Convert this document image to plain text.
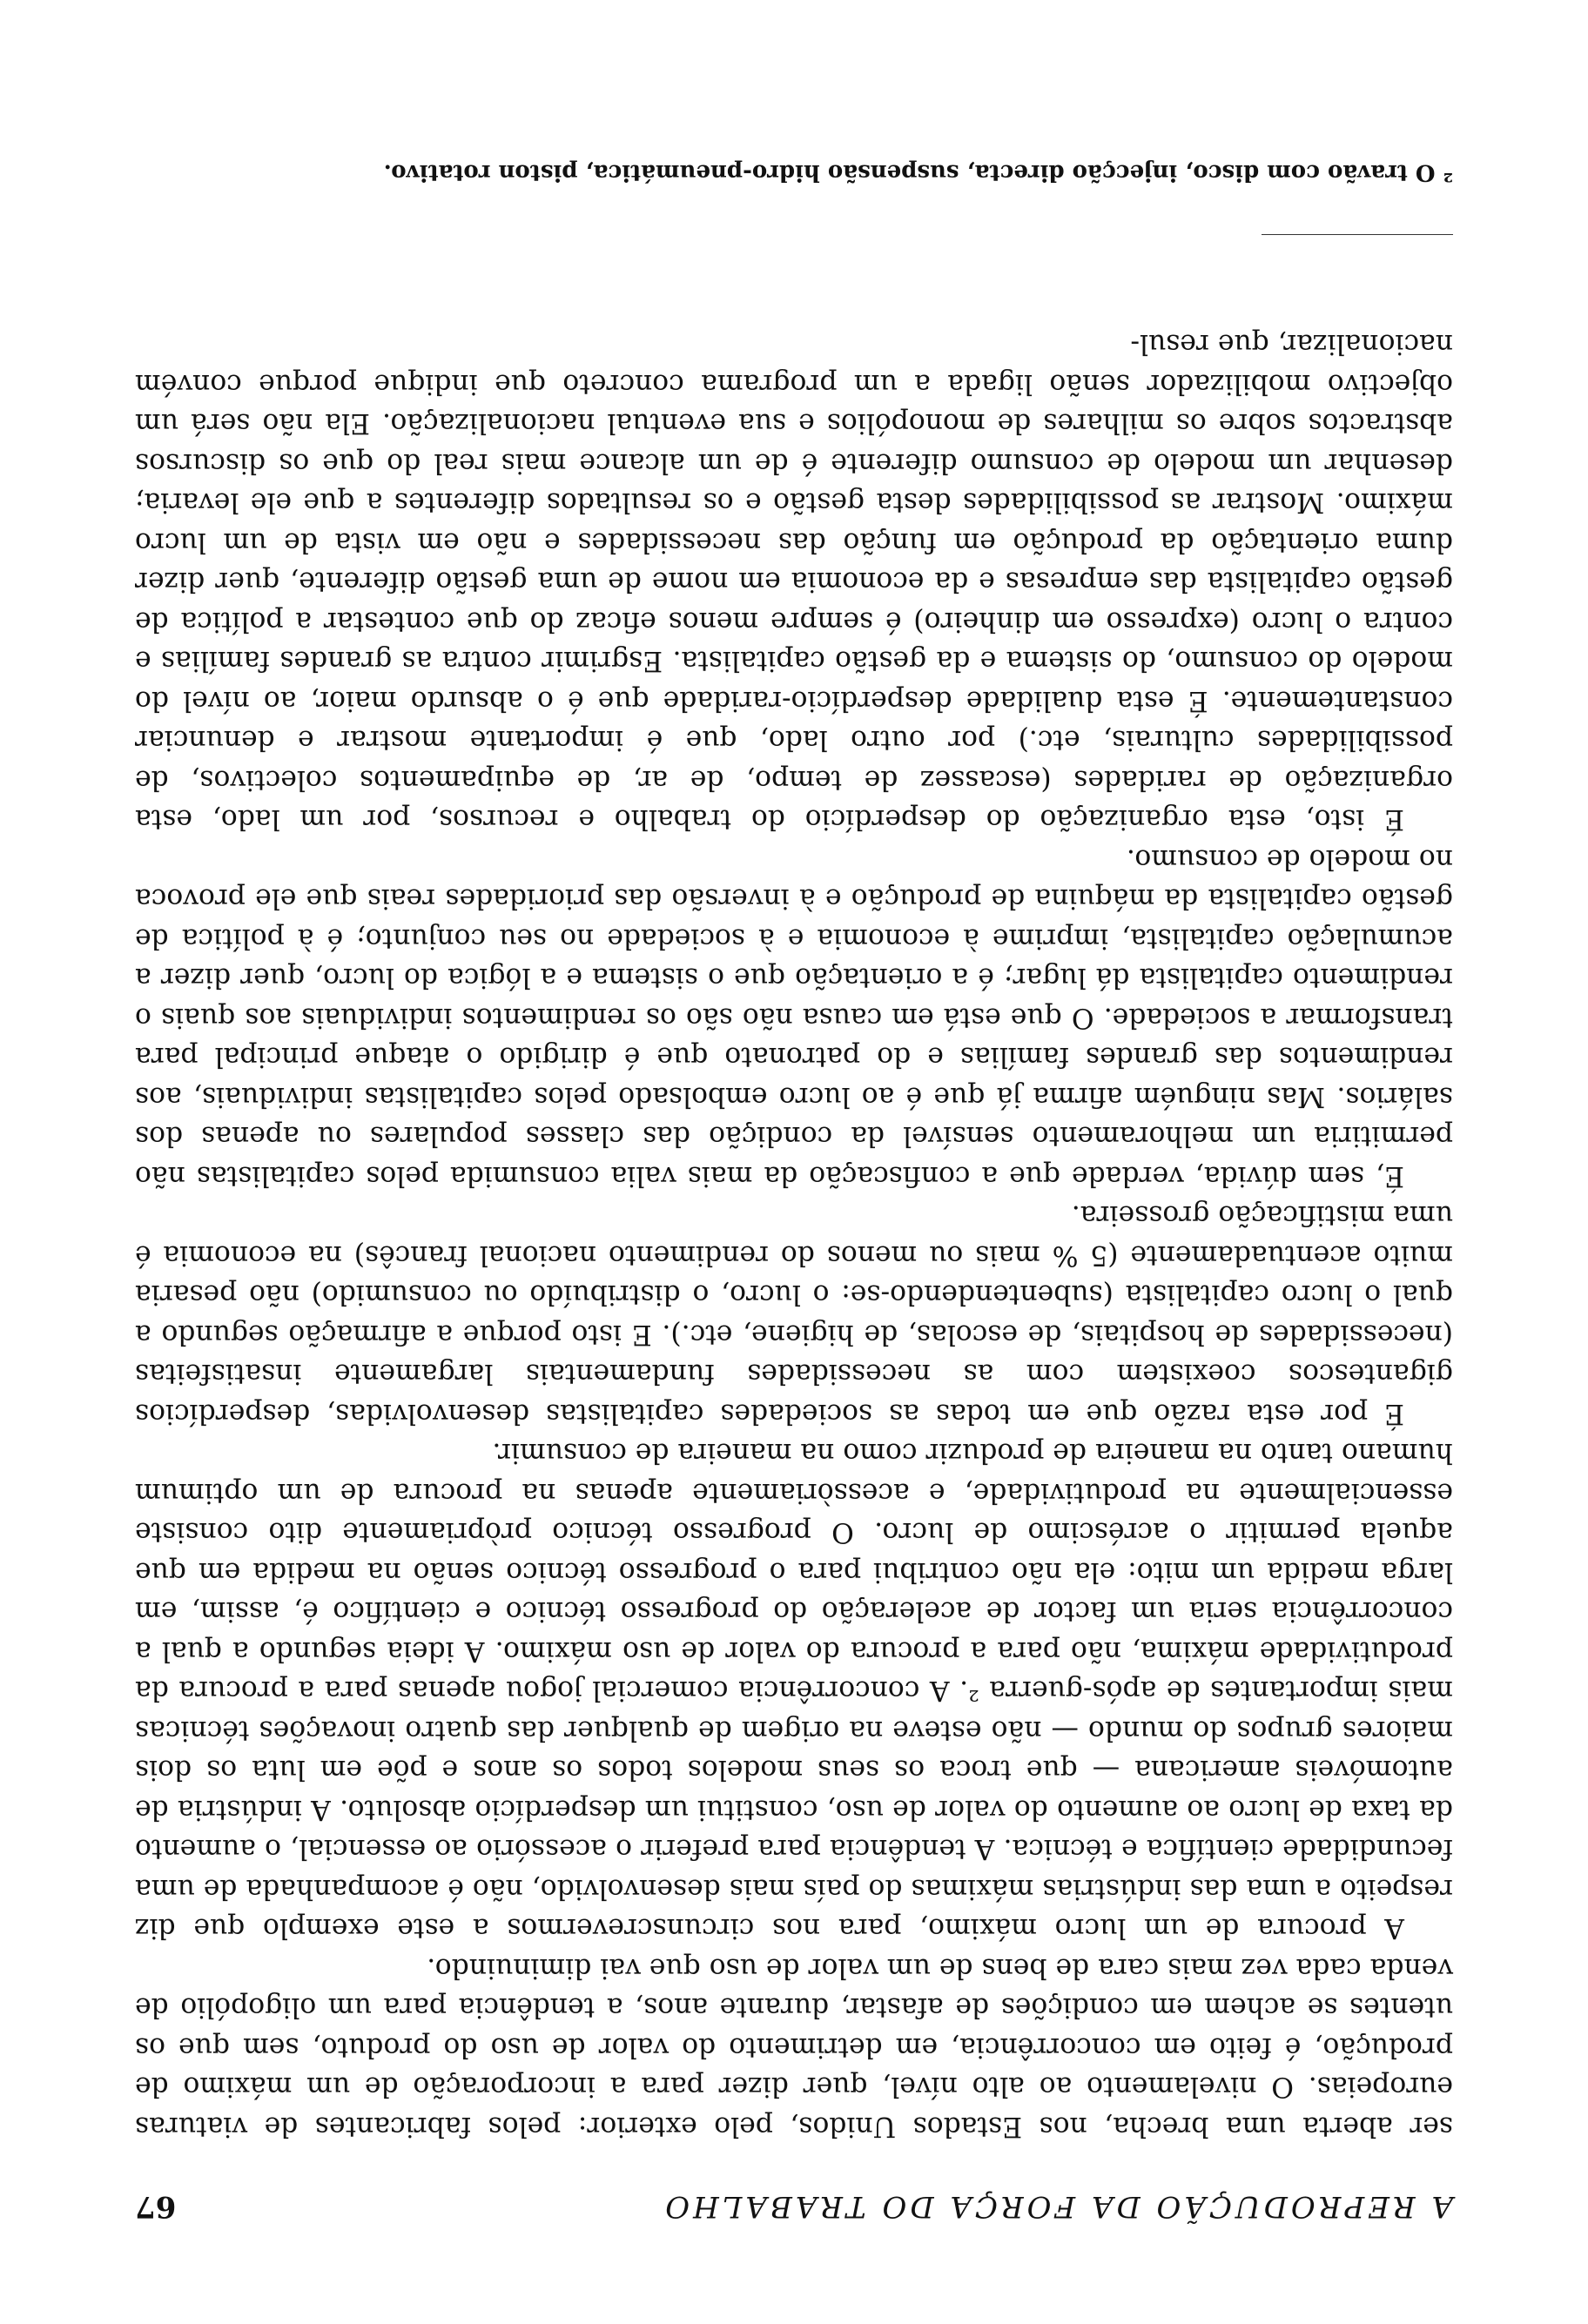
A REPRODUÇÃO DA FORÇA DO TRABALHO
67

ser aberta uma brecha, nos Estados Unidos, pelo exterior: pelos fabricantes de viaturas europeias. O nivelamento ao alto nível, quer dizer para a incorporação de um máximo de produção, é feito em concorrência, em detrimento do valor de uso do produto, sem que os utentes se achem em condições de afastar, durante anos, a tendência para um oligopólio de venda cada vez mais cara de bens de um valor de uso que vai diminuindo.

A procura de um lucro máximo, para nos circunscrevermos a este exemplo que diz respeito a uma das indústrias máximas do país mais desenvolvido, não é acompanhada de uma fecundidade científica e técnica. A tendência para preferir o acessório ao essencial, o aumento da taxa de lucro ao aumento do valor de uso, constitui um desperdício absoluto. A indústria de automóveis americana — que troca os seus modelos todos os anos e põe em luta os dois maiores grupos do mundo — não esteve na origem de qualquer das quatro inovações técnicas mais importantes de após-guerra ². A concorrência comercial jogou apenas para a procura da produtividade máxima, não para a procura do valor de uso máximo. A ideia segundo a qual a concorrência seria um factor de aceleração do progresso técnico e científico é, assim, em larga medida um mito: ela não contribui para o progresso técnico senão na medida em que aquela permitir o acréscimo de lucro. O progresso técnico pròpriamente dito consiste essencialmente na produtividade, e acessòriamente apenas na procura de um optimum humano tanto na maneira de produzir como na maneira de consumir.

É por esta razão que em todas as sociedades capitalistas desenvolvidas, desperdícios gigantescos coexistem com as necessidades fundamentais largamente insatisfeitas (necessidades de hospitais, de escolas, de higiene, etc.). E isto porque a afirmação segundo a qual o lucro capitalista (subentendendo-se: o lucro, o distribuído ou consumido) não pesaria muito acentuadamente (5 % mais ou menos do rendimento nacional francês) na economia é uma mistificação grosseira.

É, sem dúvida, verdade que a confiscação da mais valia consumida pelos capitalistas não permitiria um melhoramento sensível da condição das classes populares ou apenas dos salários. Mas ninguém afirma já que é ao lucro embolsado pelos capitalistas individuais, aos rendimentos das grandes famílias e do patronato que é dirigido o ataque principal para transformar a sociedade. O que está em causa não são os rendimentos individuais aos quais o rendimento capitalista dá lugar; é a orientação que o sistema e a lógica do lucro, quer dizer a acumulação capitalista, imprime à economia e à sociedade no seu conjunto; é à política de gestão capitalista da máquina de produção e à inversão das prioridades reais que ele provoca no modelo de consumo.

É isto, esta organização do desperdício do trabalho e recursos, por um lado, esta organização de raridades (escassez de tempo, de ar, de equipamentos colectivos, de possibilidades culturais, etc.) por outro lado, que é importante mostrar e denunciar constantemente. É esta dualidade desperdício-raridade que é o absurdo maior, ao nível do modelo do consumo, do sistema e da gestão capitalista. Esgrimir contra as grandes famílias e contra o lucro (expresso em dinheiro) é sempre menos eficaz do que contestar a política de gestão capitalista das empresas e da economia em nome de uma gestão diferente, quer dizer duma orientação da produção em função das necessidades e não em vista de um lucro máximo. Mostrar as possibilidades desta gestão e os resultados diferentes a que ele levaria; desenhar um modelo de consumo diferente é de um alcance mais real do que os discursos abstractos sobre os milhares de monopólios e sua eventual nacionalização. Ela não será um objectivo mobilizador senão ligada a um programa concreto que indique porque convém nacionalizar, que resul-

² O travão com disco, injecção directa, suspensão hidro-pneumática, piston rotativo.
